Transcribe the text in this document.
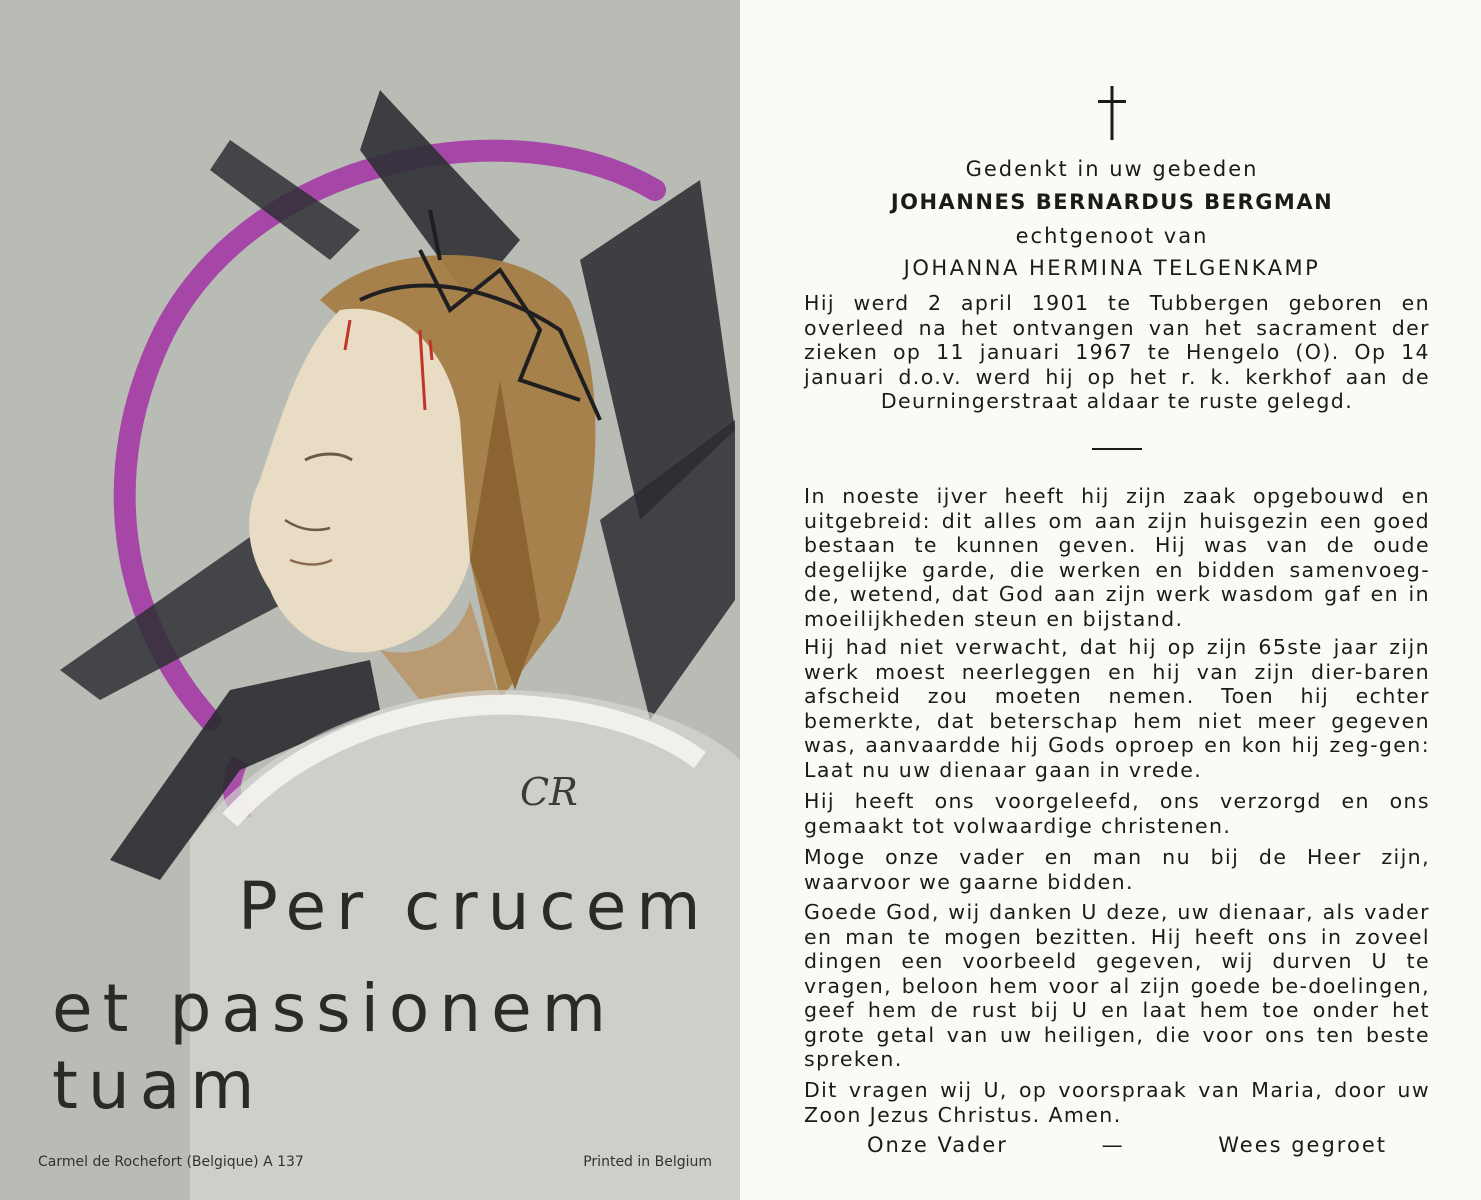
Per crucem
et passionem tuam
CR
Carmel de Rochefort (Belgique) A 137	Printed in Belgium
Gedenkt in uw gebeden
JOHANNES BERNARDUS BERGMAN
echtgenoot van
JOHANNA HERMINA TELGENKAMP

Hij werd 2 april 1901 te Tubbergen geboren en overleed na het ontvangen van het sacrament der zieken op 11 januari 1967 te Hengelo (O). Op 14 januari d.o.v. werd hij op het r. k. kerkhof aan de Deurningerstraat aldaar te ruste gelegd.

In noeste ijver heeft hij zijn zaak opgebouwd en uitgebreid: dit alles om aan zijn huisgezin een goed bestaan te kunnen geven. Hij was van de oude degelijke garde, die werken en bidden samenvoeg-de, wetend, dat God aan zijn werk wasdom gaf en in moeilijkheden steun en bijstand.

Hij had niet verwacht, dat hij op zijn 65ste jaar zijn werk moest neerleggen en hij van zijn dier-baren afscheid zou moeten nemen. Toen hij echter bemerkte, dat beterschap hem niet meer gegeven was, aanvaardde hij Gods oproep en kon hij zeg-gen: Laat nu uw dienaar gaan in vrede.

Hij heeft ons voorgeleefd, ons verzorgd en ons gemaakt tot volwaardige christenen.

Moge onze vader en man nu bij de Heer zijn, waarvoor we gaarne bidden.

Goede God, wij danken U deze, uw dienaar, als vader en man te mogen bezitten. Hij heeft ons in zoveel dingen een voorbeeld gegeven, wij durven U te vragen, beloon hem voor al zijn goede be-doelingen, geef hem de rust bij U en laat hem toe onder het grote getal van uw heiligen, die voor ons ten beste spreken.

Dit vragen wij U, op voorspraak van Maria, door uw Zoon Jezus Christus. Amen.

Onze Vader	—	Wees gegroet
